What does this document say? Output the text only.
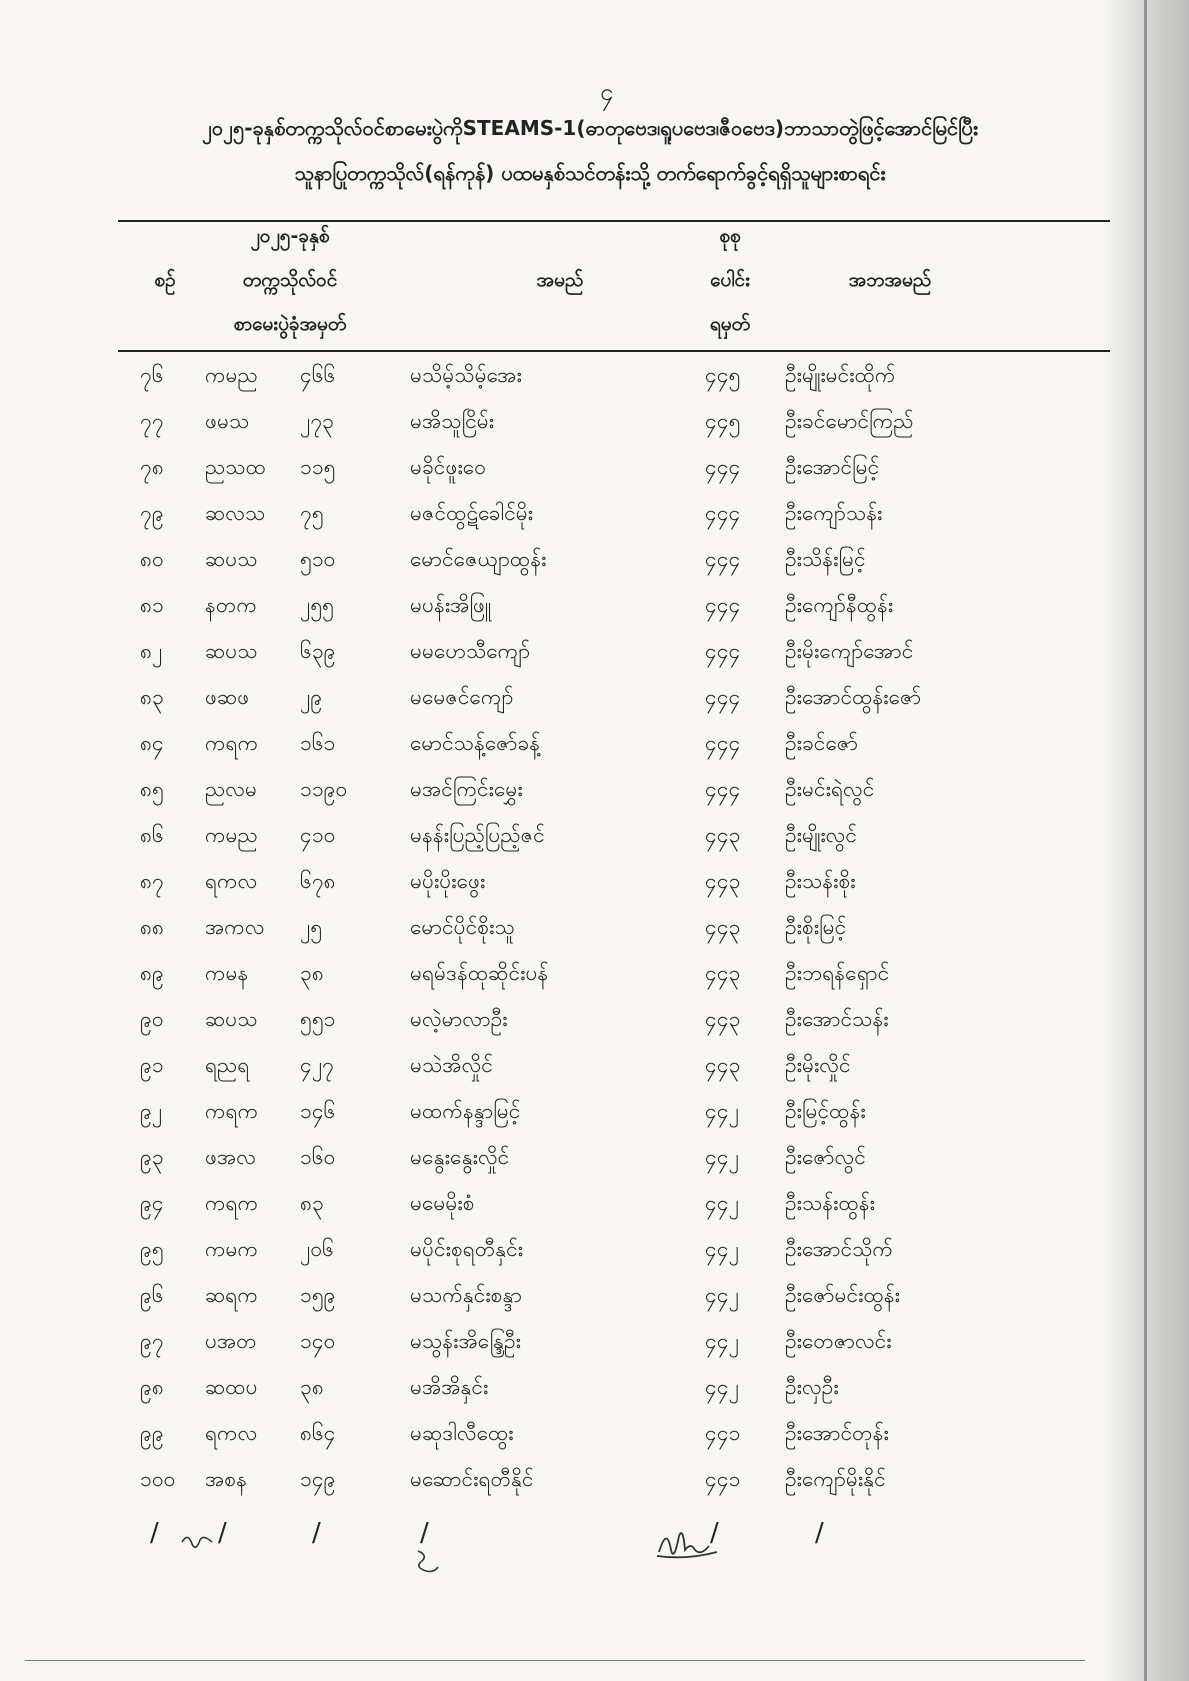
၄
၂၀၂၅-ခုနှစ်တက္ကသိုလ်ဝင်စာမေးပွဲကိုSTEAMS-1(ဓာတုဗေဒ၊ရူပဗေဒ၊ဇီဝဗေဒ)ဘာသာတွဲဖြင့်အောင်မြင်ပြီး
သူနာပြုတက္ကသိုလ်(ရန်ကုန်) ပထမနှစ်သင်တန်းသို့ တက်ရောက်ခွင့်ရရှိသူများစာရင်း
စဉ်
၂၀၂၅-ခုနှစ်
တက္ကသိုလ်ဝင်
စာမေးပွဲခုံအမှတ်
အမည်
စုစု
ပေါင်း
ရမှတ်
အဘအမည်
၇၆ ကမည ၄၆၆	မသိမ့်သိမ့်အေး	၄၄၅ ဦးမျိုးမင်းထိုက်
၇၇ ဖမသ ၂၇၃	မအိသူငြိမ်း	၄၄၅ ဦးခင်မောင်ကြည်
၇၈ ညသထ ၁၁၅	မခိုင်ဖူးဝေ	၄၄၄ ဦးအောင်မြင့်
၇၉ ဆလသ ၇၅	မဇင်ထွဋ်ခေါင်မိုး	၄၄၄ ဦးကျော်သန်း
၈၀ ဆပသ ၅၁၀	မောင်ဇေယျာထွန်း	၄၄၄ ဦးသိန်းမြင့်
၈၁ နတက ၂၅၅	မပန်းအိဖြူ	၄၄၄ ဦးကျော်နီထွန်း
၈၂ ဆပသ ၆၃၉	မမဟေသီကျော်	၄၄၄ ဦးမိုးကျော်အောင်
၈၃ ဖဆဖ ၂၉	မမေဇင်ကျော်	၄၄၄ ဦးအောင်ထွန်းဇော်
၈၄ ကရက ၁၆၁	မောင်သန့်ဇော်ခန့်	၄၄၄ ဦးခင်ဇော်
၈၅ ညလမ ၁၁၉၀	မအင်ကြင်းမွှေး	၄၄၄ ဦးမင်းရဲလွင်
၈၆ ကမည ၄၁၀	မနန်းပြည့်ပြည့်ဇင်	၄၄၃ ဦးမျိုးလွင်
၈၇ ရကလ ၆၇၈	မပိုးပိုးဖွေး	၄၄၃ ဦးသန်းစိုး
၈၈ အကလ ၂၅	မောင်ပိုင်စိုးသူ	၄၄၃ ဦးစိုးမြင့်
၈၉ ကမန ၃၈	မရမ်ဒန်ထုဆိုင်းပန်	၄၄၃ ဦးဘရန်ရှောင်
၉၀ ဆပသ ၅၅၁	မလဲ့မာလာဦး	၄၄၃ ဦးအောင်သန်း
၉၁ ရညရ ၄၂၇	မသဲအိလှိုင်	၄၄၃ ဦးမိုးလှိုင်
၉၂ ကရက ၁၄၆	မထက်နန္ဒာမြင့်	၄၄၂ ဦးမြင့်ထွန်း
၉၃ ဖအလ ၁၆၀	မနွေးနွေးလှိုင်	၄၄၂ ဦးဇော်လွင်
၉၄ ကရက ၈၃	မမေမိုးစံ	၄၄၂ ဦးသန်းထွန်း
၉၅ ကမက ၂၀၆	မပိုင်းစုရတီနှင်း	၄၄၂ ဦးအောင်သိုက်
၉၆ ဆရက ၁၅၉	မသက်နှင်းစန္ဒာ	၄၄၂ ဦးဇော်မင်းထွန်း
၉၇ ပအတ ၁၄၀	မသွန်းအိန္ဒြေဦး	၄၄၂ ဦးတေဇာလင်း
၉၈ ဆထပ ၃၈	မအိအိနှင်း	၄၄၂ ဦးလှဦး
၉၉ ရကလ ၈၆၄	မဆုဒါလီထွေး	၄၄၁ ဦးအောင်တုန်း
၁၀၀ အစန	၁၄၉	မဆောင်းရတီနိုင်	၄၄၁ ဦးကျော်မိုးနိုင်
/ /	/	/	/	/
